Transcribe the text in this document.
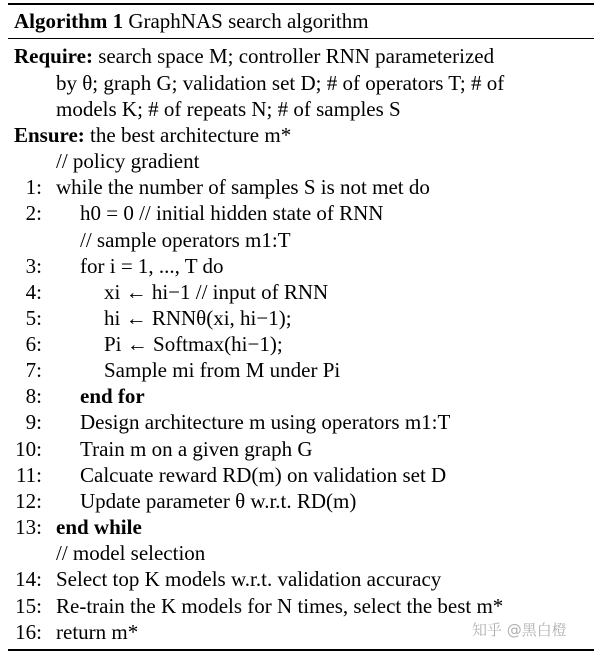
Algorithm 1 GraphNAS search algorithm
Require: search space M; controller RNN parameterized
by θ; graph G; validation set D; # of operators T; # of
models K; # of repeats N; # of samples S
Ensure: the best architecture m*
// policy gradient
1: while the number of samples S is not met do
2: h0 = 0 // initial hidden state of RNN
// sample operators m1:T
3: for i = 1, ..., T do
4:	xi ← hi−1 // input of RNN
5:	hi ← RNNθ(xi, hi−1);
6:	Pi ← Softmax(hi−1);
7:	Sample mi from M under Pi
8: end for
9: Design architecture m using operators m1:T
10: Train m on a given graph G
11: Calcuate reward RD(m) on validation set D
12: Update parameter θ w.r.t. RD(m)
13: end while
// model selection
14: Select top K models w.r.t. validation accuracy
15: Re-train the K models for N times, select the best m*
16: return m*	知乎 @黑白橙
